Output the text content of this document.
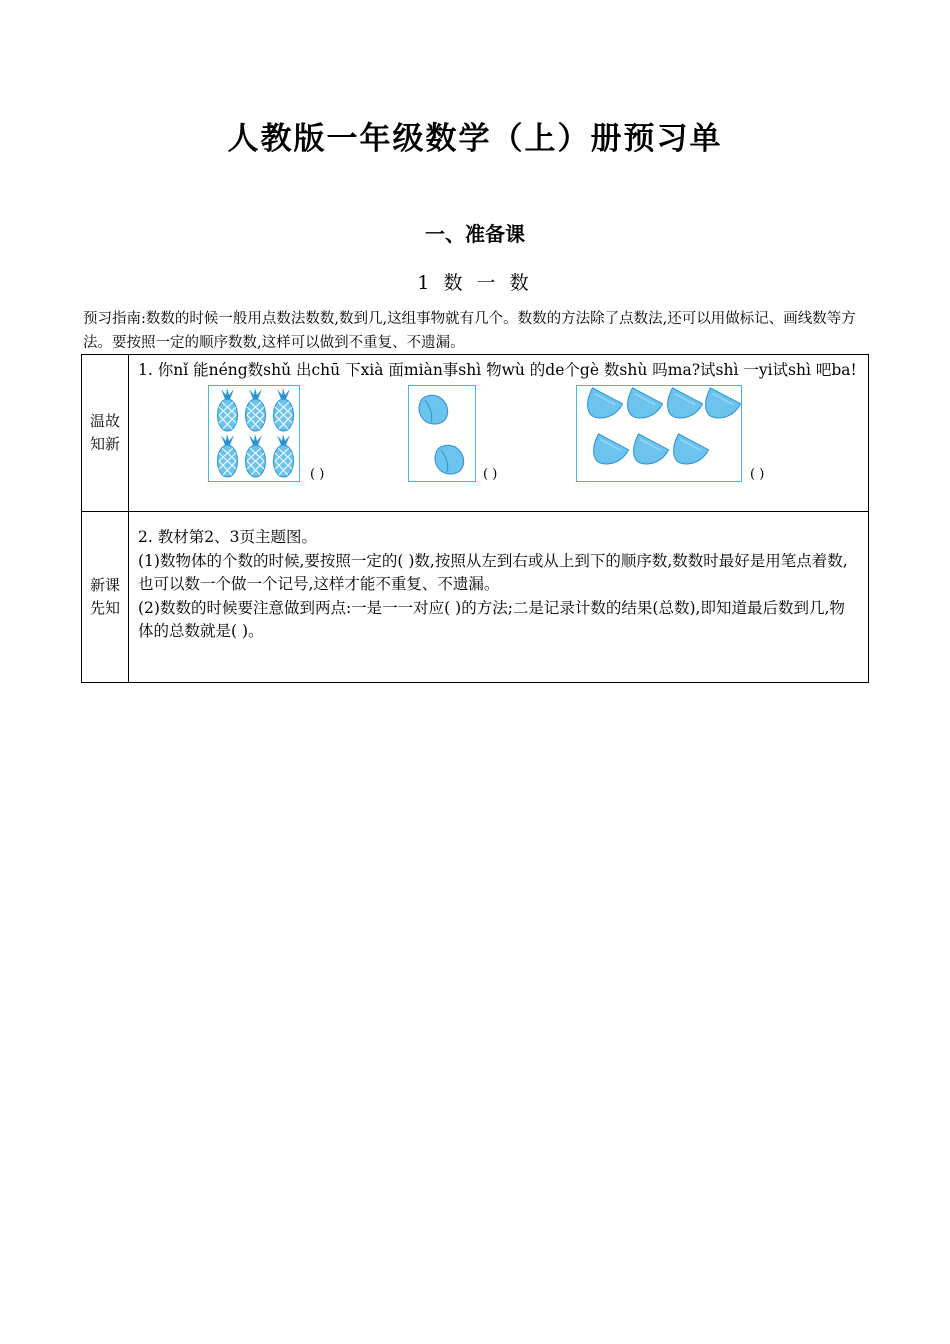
人教版一年级数学（上）册预习单
一、准备课
1 数 一 数
预习指南:数数的时候一般用点数法数数,数到几,这组事物就有几个。数数的方法除了点数法,还可以用做标记、画线数等方法。要按照一定的顺序数数,这样可以做到不重复、不遗漏。
温故知新	1. 你nǐ 能néng数shǔ 出chū 下xià 面miàn事shì 物wù 的de个gè 数shù 吗ma?试shì 一yi试shì 吧ba!
( ) ( ) ( )

新课先知	2. 教材第2、3页主题图。
(1)数物体的个数的时候,要按照一定的( )数,按照从左到右或从上到下的顺序数,数数时最好是用笔点着数,也可以数一个做一个记号,这样才能不重复、不遗漏。
(2)数数的时候要注意做到两点:一是一一对应( )的方法;二是记录计数的结果(总数),即知道最后数到几,物体的总数就是( )。
